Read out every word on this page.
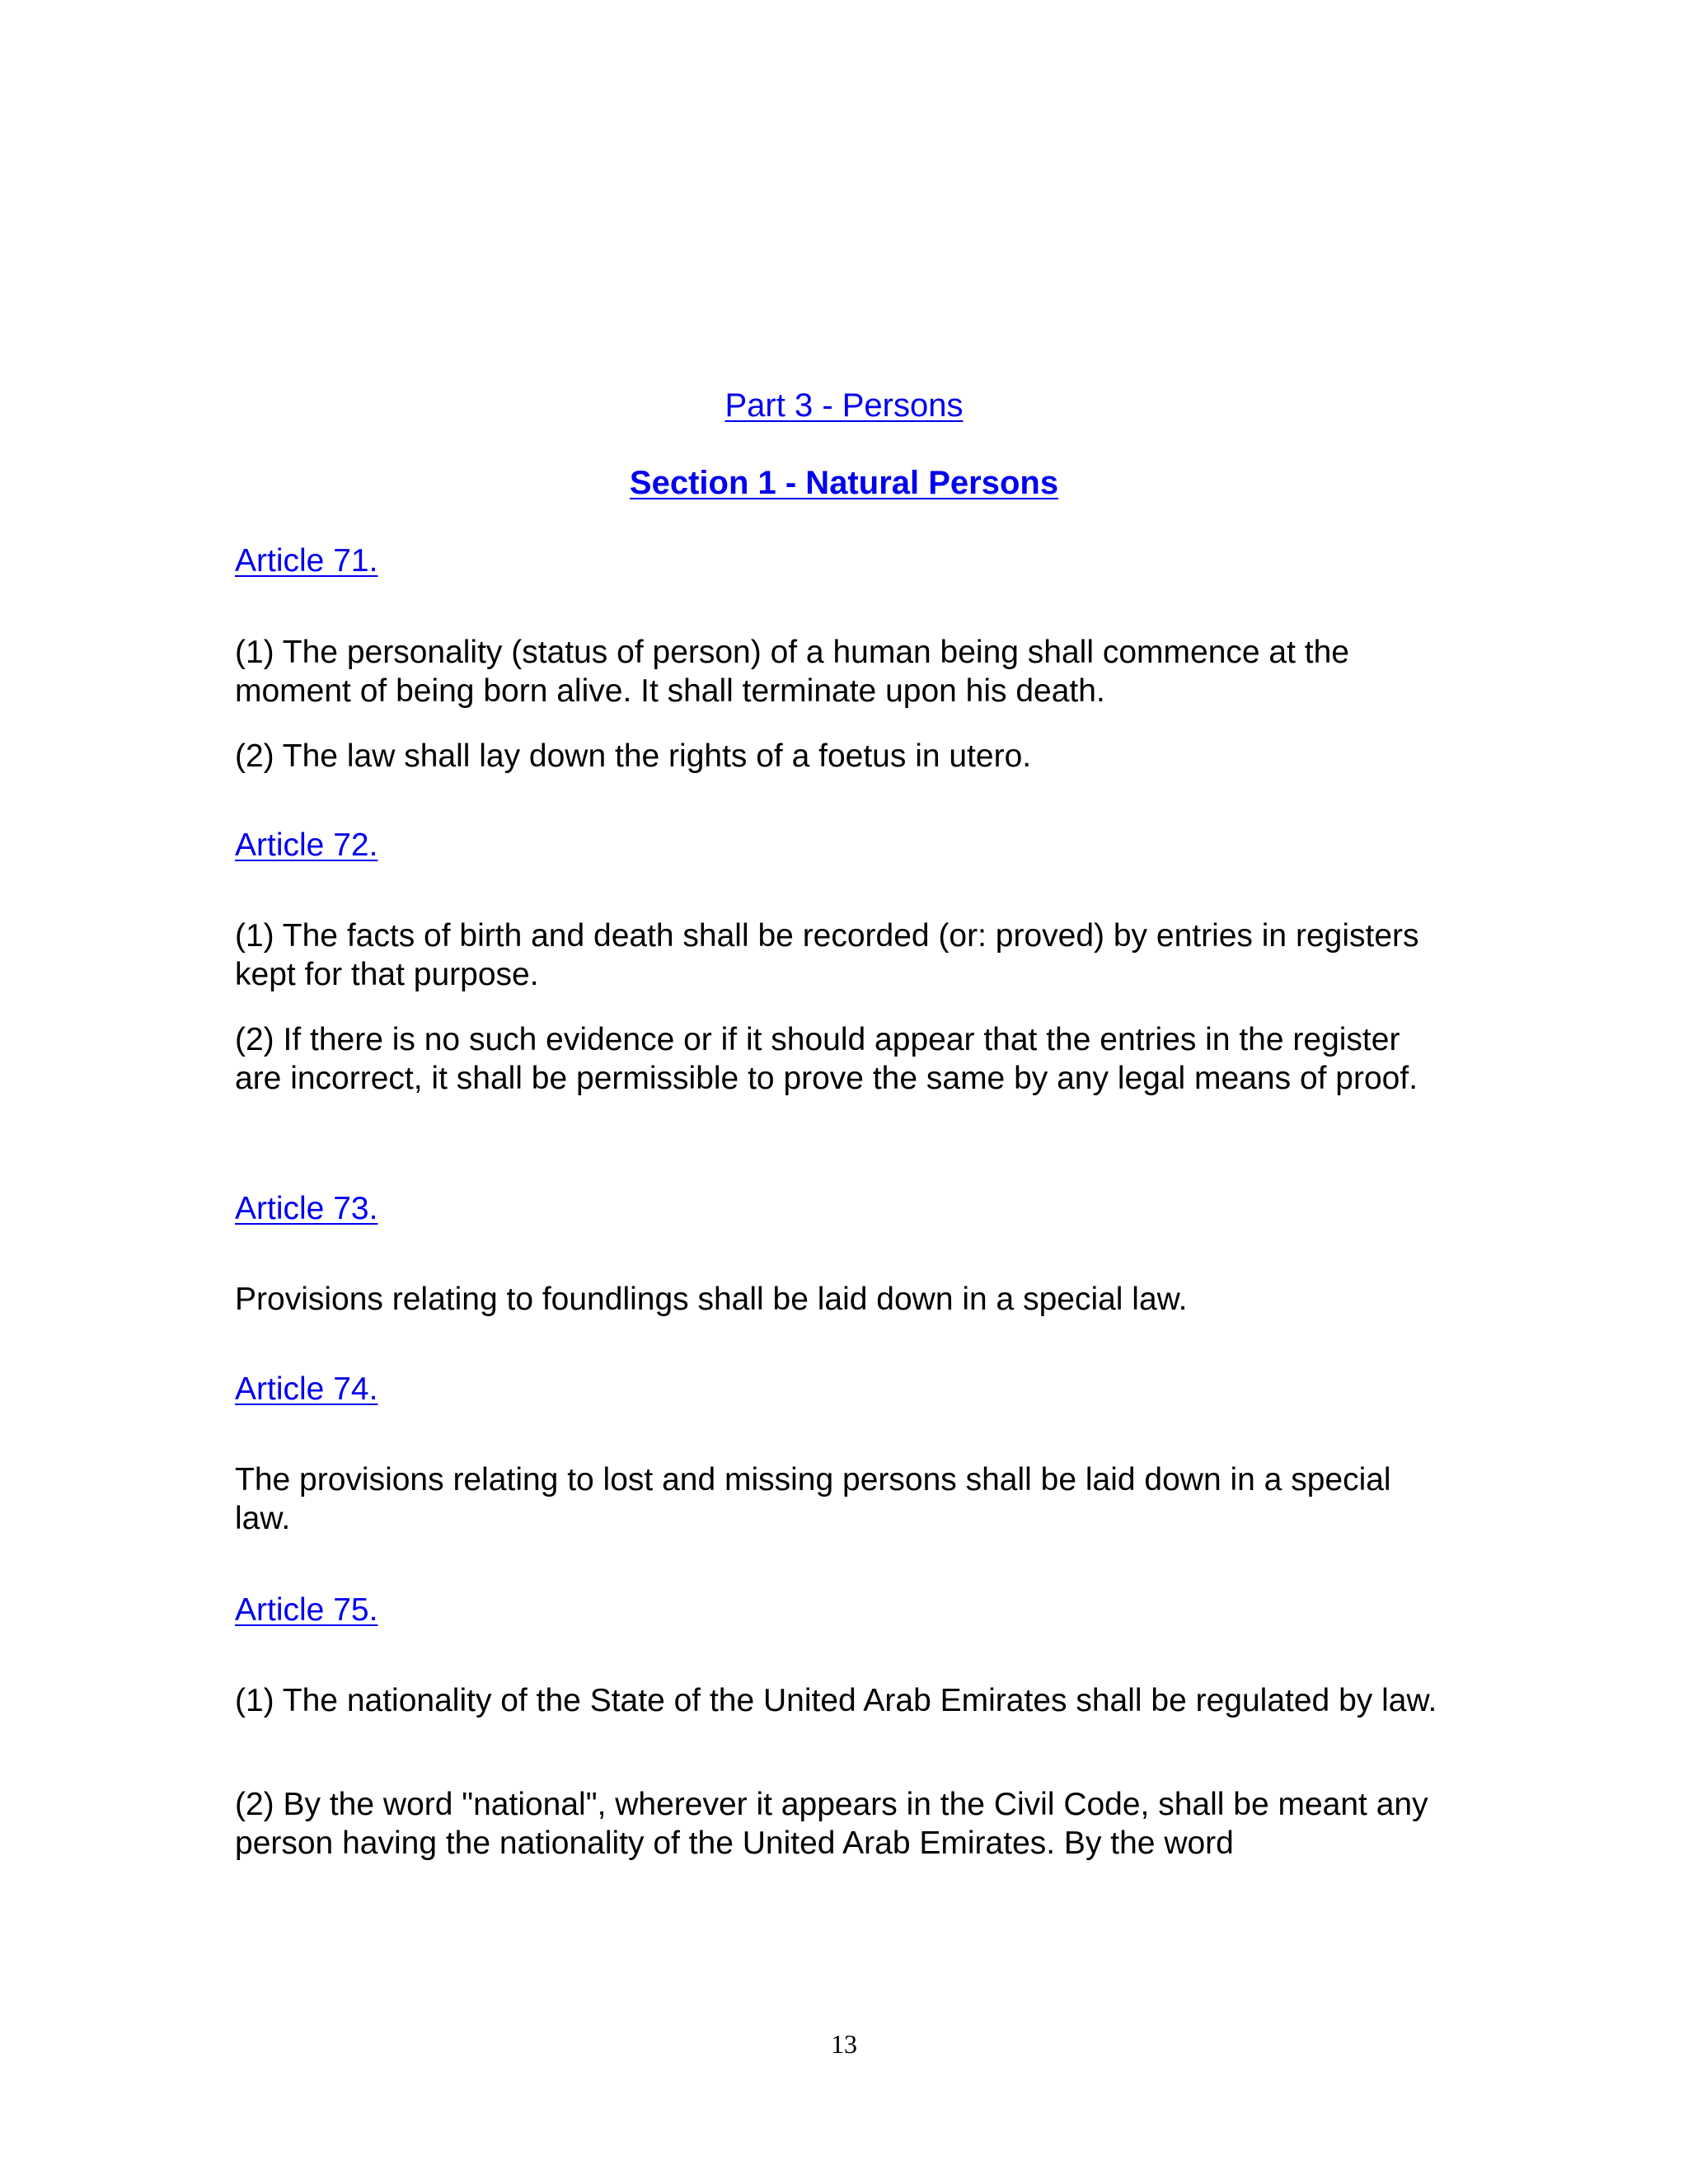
Part 3 - Persons
Section 1 - Natural Persons

Article 71.

(1) The personality (status of person) of a human being shall commence at the moment of being born alive. It shall terminate upon his death.

(2) The law shall lay down the rights of a foetus in utero.

Article 72.

(1) The facts of birth and death shall be recorded (or: proved) by entries in registers kept for that purpose.

(2) If there is no such evidence or if it should appear that the entries in the register are incorrect, it shall be permissible to prove the same by any legal means of proof.

Article 73.

Provisions relating to foundlings shall be laid down in a special law.

Article 74.

The provisions relating to lost and missing persons shall be laid down in a special law.

Article 75.

(1) The nationality of the State of the United Arab Emirates shall be regulated by law.

(2) By the word "national", wherever it appears in the Civil Code, shall be meant any person having the nationality of the United Arab Emirates. By the word

13
